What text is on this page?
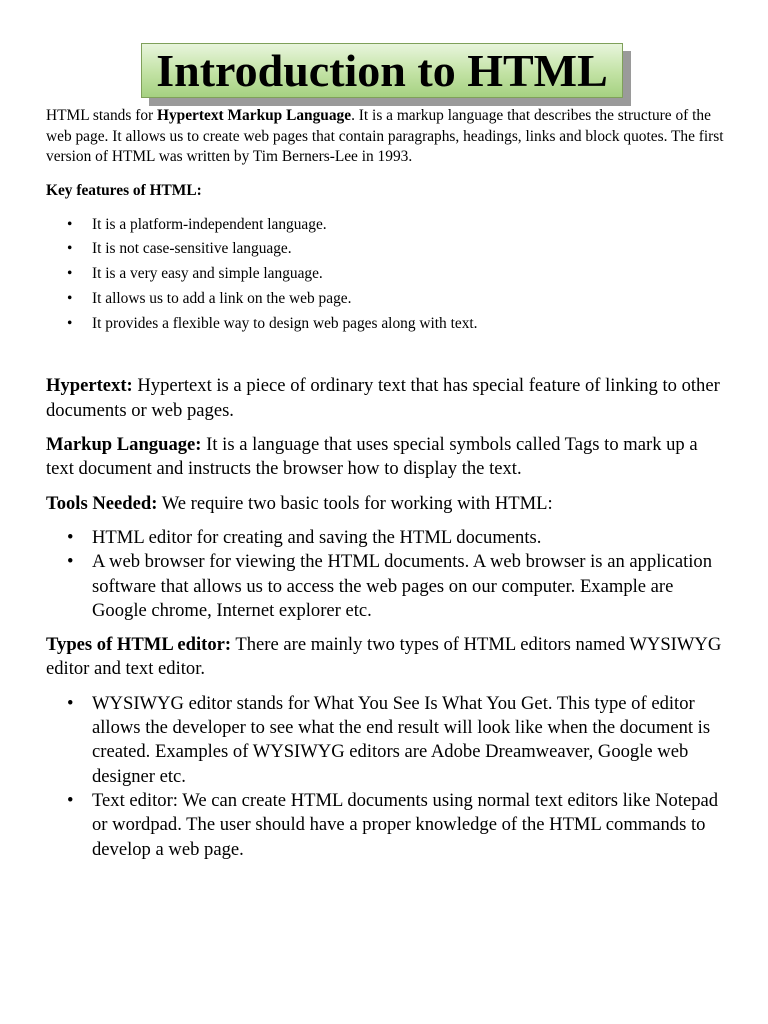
Introduction to HTML

HTML stands for Hypertext Markup Language. It is a markup language that describes the structure of the web page. It allows us to create web pages that contain paragraphs, headings, links and block quotes. The first version of HTML was written by Tim Berners-Lee in 1993.

Key features of HTML:

• It is a platform-independent language.
• It is not case-sensitive language.
• It is a very easy and simple language.
• It allows us to add a link on the web page.
• It provides a flexible way to design web pages along with text.

Hypertext: Hypertext is a piece of ordinary text that has special feature of linking to other documents or web pages.

Markup Language: It is a language that uses special symbols called Tags to mark up a text document and instructs the browser how to display the text.

Tools Needed: We require two basic tools for working with HTML:

• HTML editor for creating and saving the HTML documents.
• A web browser for viewing the HTML documents. A web browser is an application software that allows us to access the web pages on our computer. Example are Google chrome, Internet explorer etc.

Types of HTML editor: There are mainly two types of HTML editors named WYSIWYG editor and text editor.

• WYSIWYG editor stands for What You See Is What You Get. This type of editor allows the developer to see what the end result will look like when the document is created. Examples of WYSIWYG editors are Adobe Dreamweaver, Google web designer etc.
• Text editor: We can create HTML documents using normal text editors like Notepad or wordpad. The user should have a proper knowledge of the HTML commands to develop a web page.
